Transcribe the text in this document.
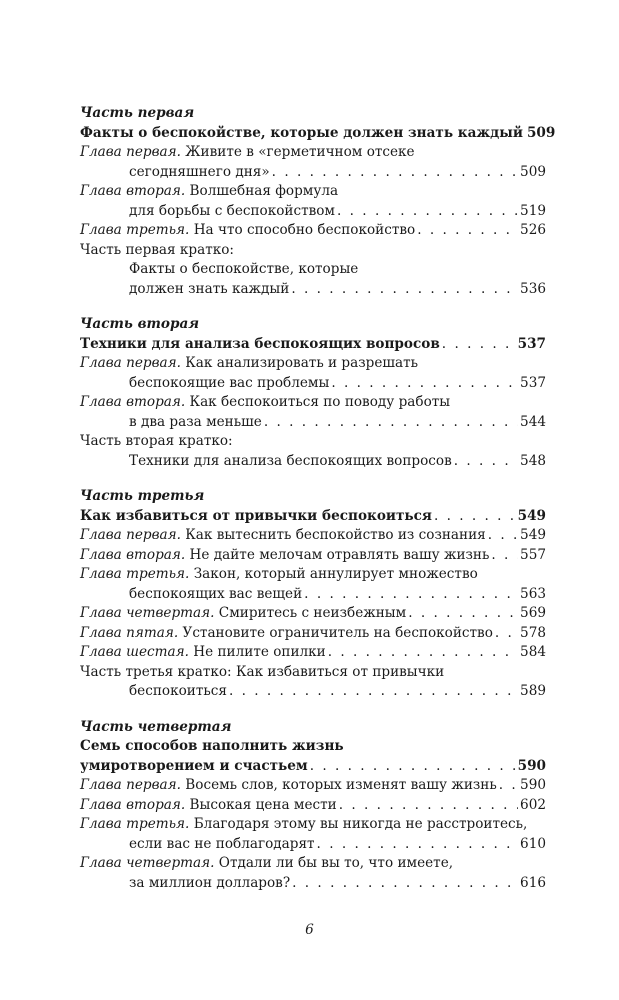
Часть первая
Факты о беспокойстве, которые должен знать каждый 509
Глава первая. Живите в «герметичном отсеке
сегодняшнего дня» . . .	509
Глава вторая. Волшебная формула
для борьбы с беспокойством . . .	519
Глава третья. На что способно беспокойство . . .	526
Часть первая кратко:
Факты о беспокойстве, которые
должен знать каждый . . .	536
Часть вторая
Техники для анализа беспокоящих вопросов . . .	537
Глава первая. Как анализировать и разрешать
беспокоящие вас проблемы . . .	537
Глава вторая. Как беспокоиться по поводу работы
в два раза меньше . . .	544
Часть вторая кратко:
Техники для анализа беспокоящих вопросов . . .	548
Часть третья
Как избавиться от привычки беспокоиться . . .	549
Глава первая. Как вытеснить беспокойство из сознания . . .	549
Глава вторая. Не дайте мелочам отравлять вашу жизнь . . . 557
Глава третья. Закон, который аннулирует множество
беспокоящих вас вещей . . .	563
Глава четвертая. Смиритесь с неизбежным . . .	569
Глава пятая. Установите ограничитель на беспокойство . . . 578
Глава шестая. Не пилите опилки . . .	584
Часть третья кратко: Как избавиться от привычки
беспокоиться . . .	589
Часть четвертая
Семь способов наполнить жизнь
умиротворением и счастьем . . .	590
Глава первая. Восемь слов, которых изменят вашу жизнь . . . 590
Глава вторая. Высокая цена мести . . .	602
Глава третья. Благодаря этому вы никогда не расстроитесь,
если вас не поблагодарят . . .	610
Глава четвертая. Отдали ли бы вы то, что имеете,
за миллион долларов? . . .	616
6
